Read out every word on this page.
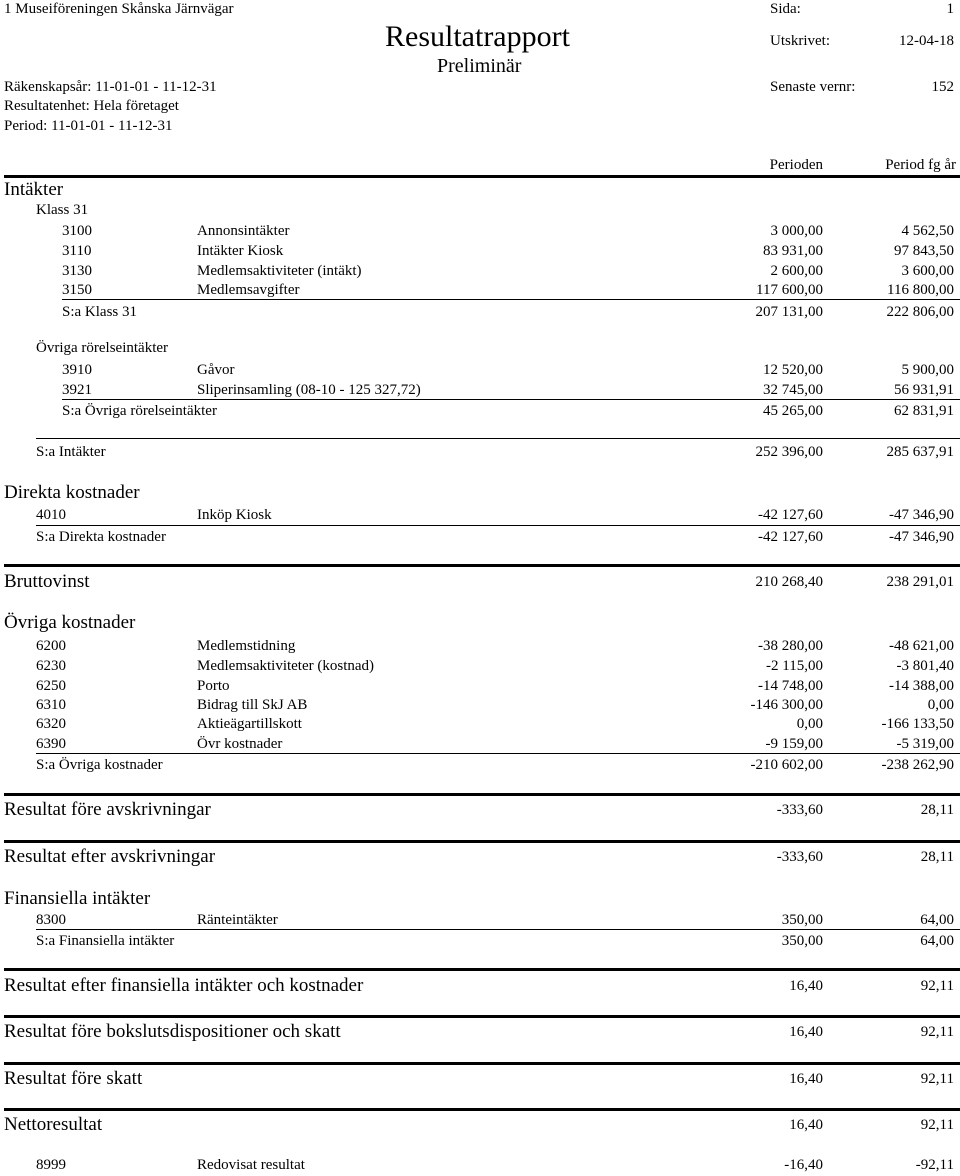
1 Museiföreningen Skånska Järnvägar	Sida:	1
Resultatrapport	Utskrivet:	12-04-18
Preliminär
Räkenskapsår: 11-01-01 - 11-12-31	Senaste vernr:	152
Resultatenhet: Hela företaget
Period: 11-01-01 - 11-12-31
Perioden	Period fg år
Intäkter
Klass 31
3100	Annonsintäkter	3 000,00	4 562,50
3110	Intäkter Kiosk	83 931,00	97 843,50
3130	Medlemsaktiviteter (intäkt)	2 600,00	3 600,00
3150	Medlemsavgifter	117 600,00	116 800,00
S:a Klass 31	207 131,00	222 806,00
Övriga rörelseintäkter
3910	Gåvor	12 520,00	5 900,00
3921	Sliperinsamling (08-10 - 125 327,72)	32 745,00	56 931,91
S:a Övriga rörelseintäkter	45 265,00	62 831,91
S:a Intäkter	252 396,00	285 637,91
Direkta kostnader
4010	Inköp Kiosk	-42 127,60	-47 346,90
S:a Direkta kostnader	-42 127,60	-47 346,90
Bruttovinst	210 268,40	238 291,01
Övriga kostnader
6200	Medlemstidning	-38 280,00	-48 621,00
6230	Medlemsaktiviteter (kostnad)	-2 115,00	-3 801,40
6250	Porto	-14 748,00	-14 388,00
6310	Bidrag till SkJ AB	-146 300,00	0,00
6320	Aktieägartillskott	0,00	-166 133,50
6390	Övr kostnader	-9 159,00	-5 319,00
S:a Övriga kostnader	-210 602,00	-238 262,90
Resultat före avskrivningar	-333,60	28,11
Resultat efter avskrivningar	-333,60	28,11
Finansiella intäkter
8300	Ränteintäkter	350,00	64,00
S:a Finansiella intäkter	350,00	64,00
Resultat efter finansiella intäkter och kostnader	16,40	92,11
Resultat före bokslutsdispositioner och skatt	16,40	92,11
Resultat före skatt	16,40	92,11
Nettoresultat	16,40	92,11
8999	Redovisat resultat	-16,40	-92,11
